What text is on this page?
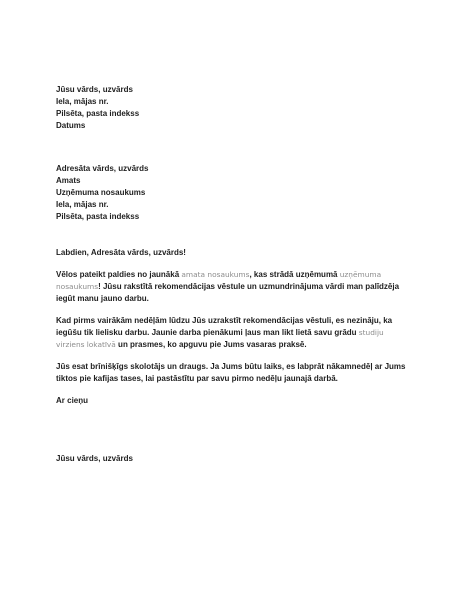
Jūsu vārds, uzvārds
Iela, mājas nr.
Pilsēta, pasta indekss
Datums
Adresāta vārds, uzvārds
Amats
Uzņēmuma nosaukums
Iela, mājas nr.
Pilsēta, pasta indekss

Labdien, Adresāta vārds, uzvārds!

Vēlos pateikt paldies no jaunākā amata nosaukums, kas strādā uzņēmumā uzņēmuma nosaukums! Jūsu rakstītā rekomendācijas vēstule un uzmundrinājuma vārdi man palīdzēja iegūt manu jauno darbu.

Kad pirms vairākām nedēļām lūdzu Jūs uzrakstīt rekomendācijas vēstuli, es nezināju, ka iegūšu tik lielisku darbu. Jaunie darba pienākumi ļaus man likt lietā savu grādu studiju virziens lokatīvā un prasmes, ko apguvu pie Jums vasaras praksē.

Jūs esat brīnišķīgs skolotājs un draugs. Ja Jums būtu laiks, es labprāt nākamnedēļ ar Jums tiktos pie kafijas tases, lai pastāstītu par savu pirmo nedēļu jaunajā darbā.

Ar cieņu

Jūsu vārds, uzvārds
